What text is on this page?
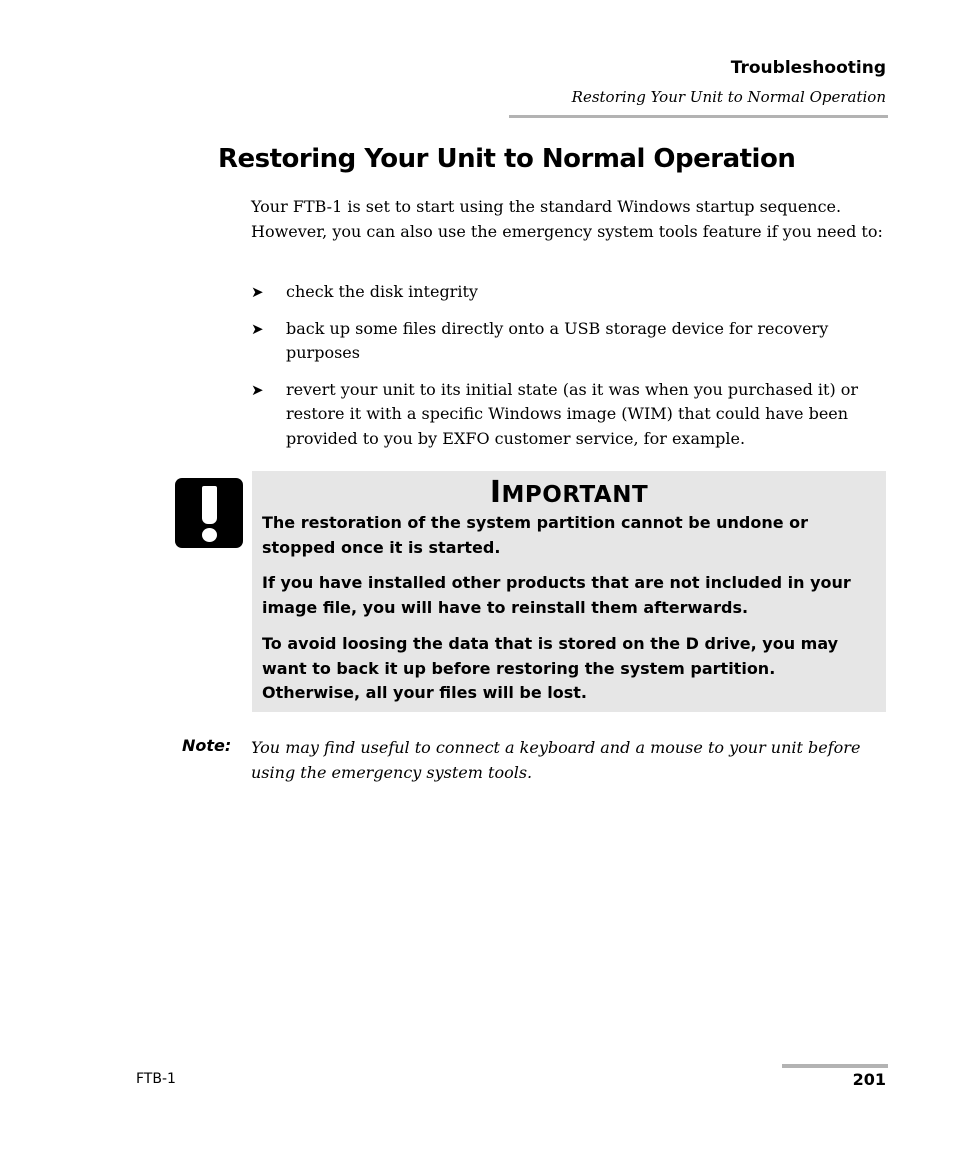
Troubleshooting
Restoring Your Unit to Normal Operation
Restoring Your Unit to Normal Operation

Your FTB-1 is set to start using the standard Windows startup sequence. However, you can also use the emergency system tools feature if you need to:

➤ check the disk integrity
➤ back up some files directly onto a USB storage device for recovery purposes
➤ revert your unit to its initial state (as it was when you purchased it) or restore it with a specific Windows image (WIM) that could have been provided to you by EXFO customer service, for example.
IMPORTANT

The restoration of the system partition cannot be undone or stopped once it is started.

If you have installed other products that are not included in your image file, you will have to reinstall them afterwards.

To avoid loosing the data that is stored on the D drive, you may want to back it up before restoring the system partition. Otherwise, all your files will be lost.

Note: You may find useful to connect a keyboard and a mouse to your unit before using the emergency system tools.

FTB-1	201
